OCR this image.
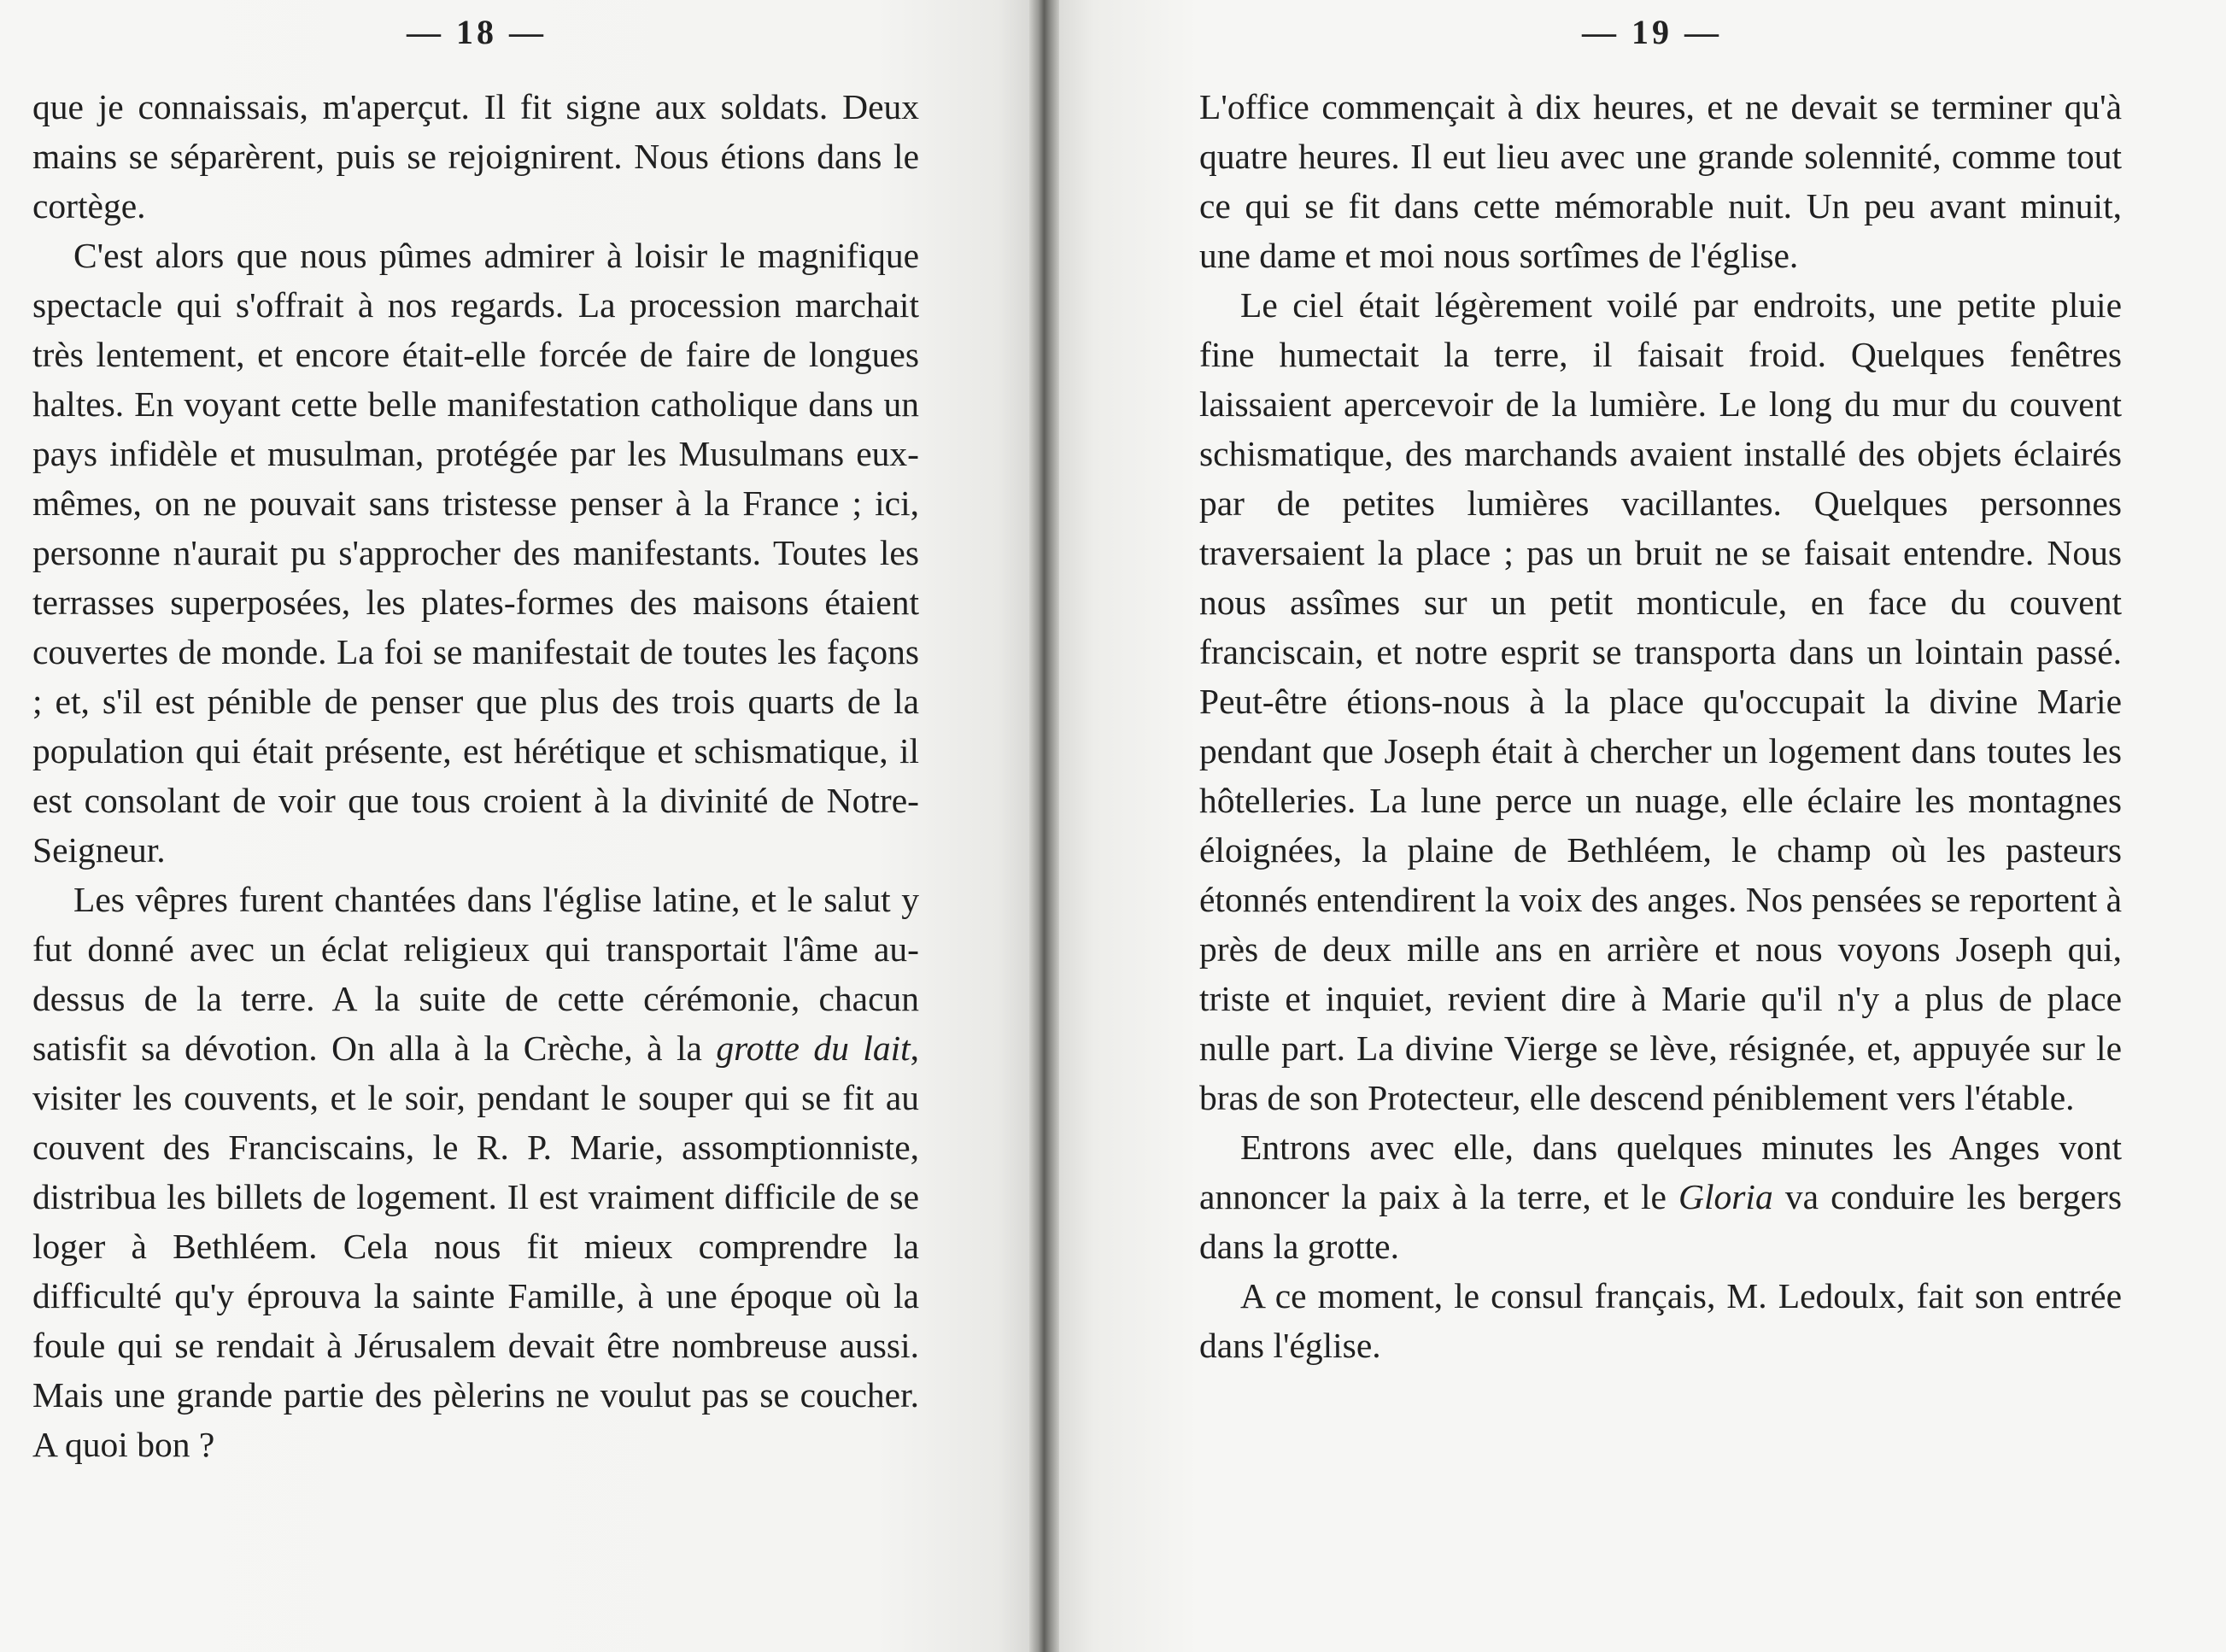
— 18 —

que je connaissais, m'aperçut. Il fit signe aux soldats. Deux mains se séparèrent, puis se rejoignirent. Nous étions dans le cortège.

C'est alors que nous pûmes admirer à loisir le magnifique spectacle qui s'offrait à nos regards. La procession marchait très lentement, et encore était-elle forcée de faire de longues haltes. En voyant cette belle manifestation catholique dans un pays infidèle et musulman, protégée par les Musulmans eux-mêmes, on ne pouvait sans tristesse penser à la France ; ici, personne n'aurait pu s'approcher des manifestants. Toutes les terrasses superposées, les plates-formes des maisons étaient couvertes de monde. La foi se manifestait de toutes les façons ; et, s'il est pénible de penser que plus des trois quarts de la population qui était présente, est hérétique et schismatique, il est consolant de voir que tous croient à la divinité de Notre-Seigneur.

Les vêpres furent chantées dans l'église latine, et le salut y fut donné avec un éclat religieux qui transportait l'âme au-dessus de la terre. A la suite de cette cérémonie, chacun satisfit sa dévotion. On alla à la Crèche, à la grotte du lait, visiter les couvents, et le soir, pendant le souper qui se fit au couvent des Franciscains, le R. P. Marie, assomptionniste, distribua les billets de logement. Il est vraiment difficile de se loger à Bethléem. Cela nous fit mieux comprendre la difficulté qu'y éprouva la sainte Famille, à une époque où la foule qui se rendait à Jérusalem devait être nombreuse aussi. Mais une grande partie des pèlerins ne voulut pas se coucher. A quoi bon ?

— 19 —

L'office commençait à dix heures, et ne devait se terminer qu'à quatre heures. Il eut lieu avec une grande solennité, comme tout ce qui se fit dans cette mémorable nuit. Un peu avant minuit, une dame et moi nous sortîmes de l'église.

Le ciel était légèrement voilé par endroits, une petite pluie fine humectait la terre, il faisait froid. Quelques fenêtres laissaient apercevoir de la lumière. Le long du mur du couvent schismatique, des marchands avaient installé des objets éclairés par de petites lumières vacillantes. Quelques personnes traversaient la place ; pas un bruit ne se faisait entendre. Nous nous assîmes sur un petit monticule, en face du couvent franciscain, et notre esprit se transporta dans un lointain passé. Peut-être étions-nous à la place qu'occupait la divine Marie pendant que Joseph était à chercher un logement dans toutes les hôtelleries. La lune perce un nuage, elle éclaire les montagnes éloignées, la plaine de Bethléem, le champ où les pasteurs étonnés entendirent la voix des anges. Nos pensées se reportent à près de deux mille ans en arrière et nous voyons Joseph qui, triste et inquiet, revient dire à Marie qu'il n'y a plus de place nulle part. La divine Vierge se lève, résignée, et, appuyée sur le bras de son Protecteur, elle descend péniblement vers l'étable.

Entrons avec elle, dans quelques minutes les Anges vont annoncer la paix à la terre, et le Gloria va conduire les bergers dans la grotte.

A ce moment, le consul français, M. Ledoulx, fait son entrée dans l'église.
